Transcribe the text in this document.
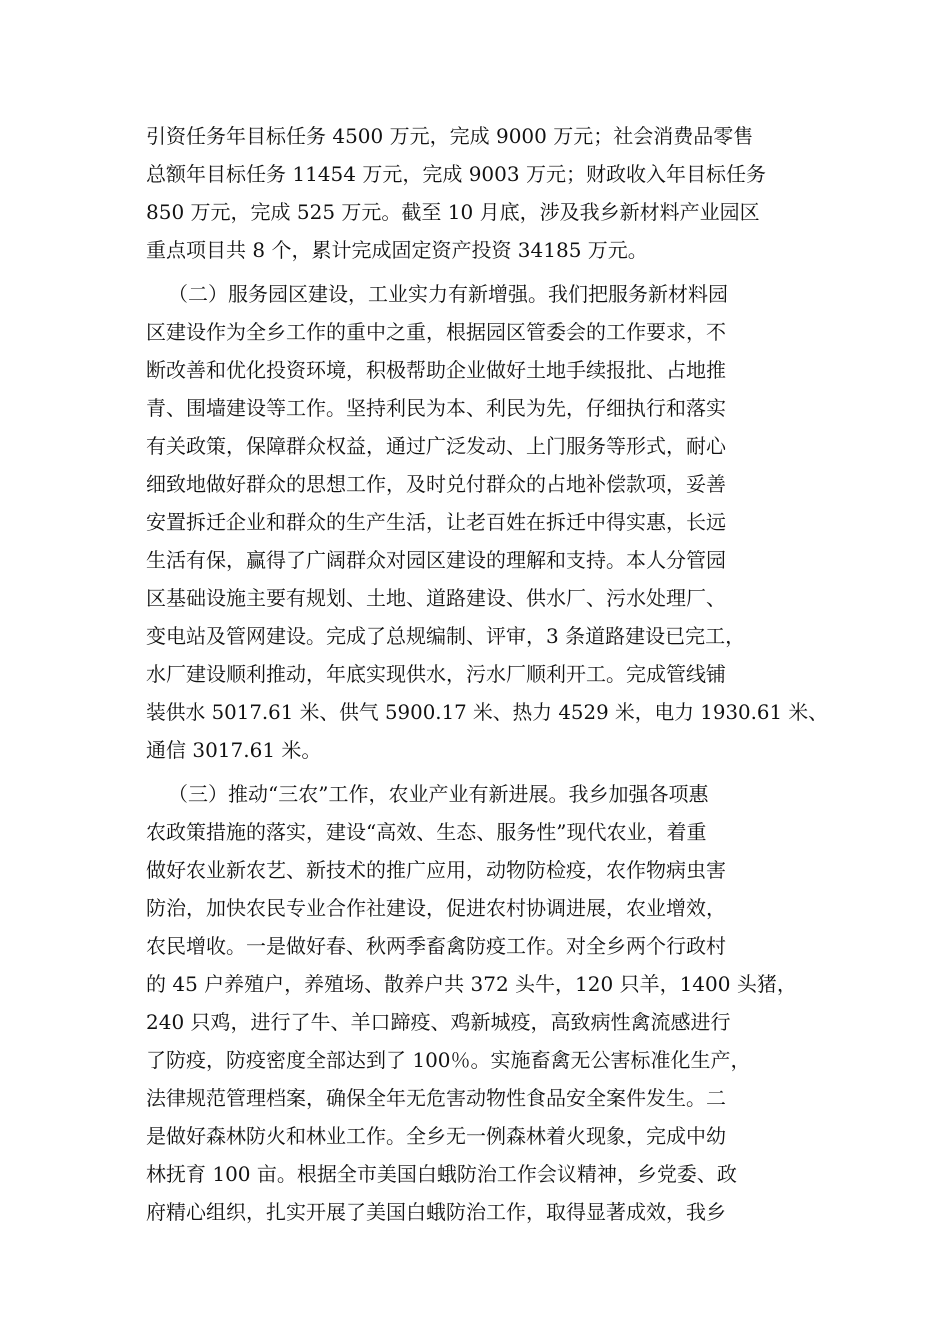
引资任务年目标任务 4500 万元，完成 9000 万元；社会消费品零售
总额年目标任务 11454 万元，完成 9003 万元；财政收入年目标任务
850 万元，完成 525 万元。截至 10 月底，涉及我乡新材料产业园区
重点项目共 8 个，累计完成固定资产投资 34185 万元。
（二）服务园区建设，工业实力有新增强。我们把服务新材料园
区建设作为全乡工作的重中之重，根据园区管委会的工作要求，不
断改善和优化投资环境，积极帮助企业做好土地手续报批、占地推
青、围墙建设等工作。坚持利民为本、利民为先，仔细执行和落实
有关政策，保障群众权益，通过广泛发动、上门服务等形式，耐心
细致地做好群众的思想工作，及时兑付群众的占地补偿款项，妥善
安置拆迁企业和群众的生产生活，让老百姓在拆迁中得实惠，长远
生活有保，赢得了广阔群众对园区建设的理解和支持。本人分管园
区基础设施主要有规划、土地、道路建设、供水厂、污水处理厂、
变电站及管网建设。完成了总规编制、评审，3 条道路建设已完工，
水厂建设顺利推动，年底实现供水，污水厂顺利开工。完成管线铺
装供水 5017.61 米、供气 5900.17 米、热力 4529 米，电力 1930.61 米、
通信 3017.61 米。
（三）推动“三农”工作，农业产业有新进展。我乡加强各项惠
农政策措施的落实，建设“高效、生态、服务性”现代农业，着重
做好农业新农艺、新技术的推广应用，动物防检疫，农作物病虫害
防治，加快农民专业合作社建设，促进农村协调进展，农业增效，
农民增收。一是做好春、秋两季畜禽防疫工作。对全乡两个行政村
的 45 户养殖户，养殖场、散养户共 372 头牛，120 只羊，1400 头猪，
240 只鸡，进行了牛、羊口蹄疫、鸡新城疫，高致病性禽流感进行
了防疫，防疫密度全部达到了 100％。实施畜禽无公害标准化生产，
法律规范管理档案，确保全年无危害动物性食品安全案件发生。二
是做好森林防火和林业工作。全乡无一例森林着火现象，完成中幼
林抚育 100 亩。根据全市美国白蛾防治工作会议精神，乡党委、政
府精心组织，扎实开展了美国白蛾防治工作，取得显著成效，我乡
